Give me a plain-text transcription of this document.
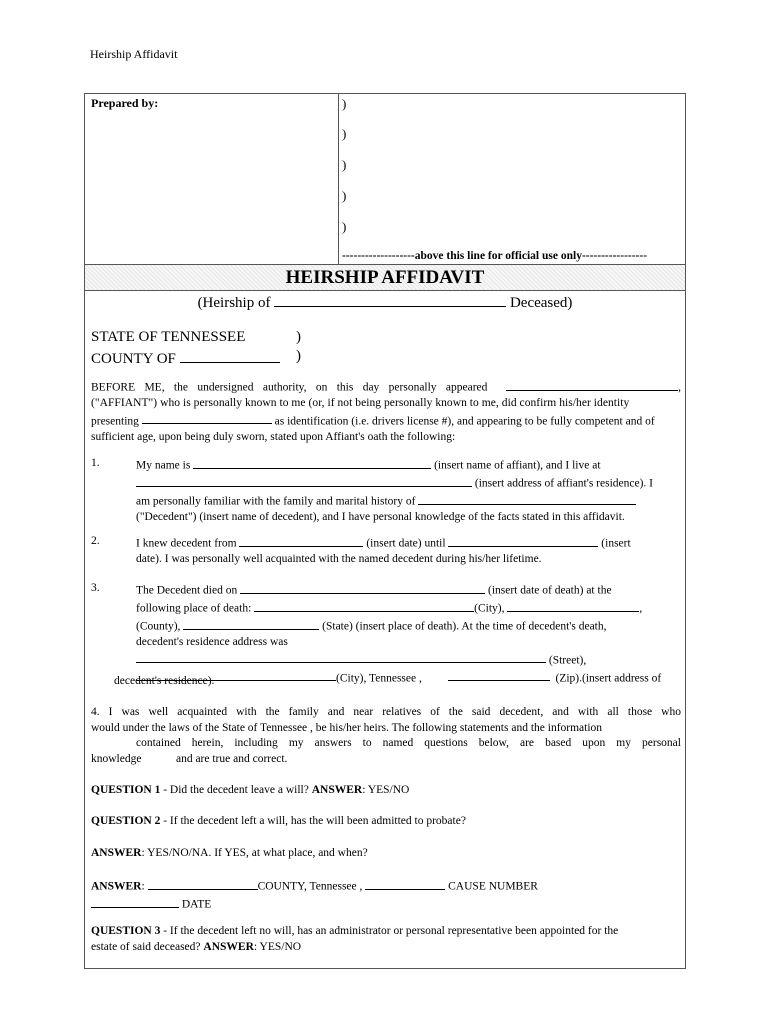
Heirship Affidavit
Prepared by:	)
)
)
)
)
-------------------above this line for official use only-----------------
HEIRSHIP AFFIDAVIT
(Heirship of	Deceased)
STATE OF TENNESSEE
COUNTY OF
)
)
BEFORE ME, the undersigned authority, on this day personally appeared	,
("AFFIANT") who is personally known to me (or, if not being personally known to me, did confirm his/her identity
presenting	as identification (i.e. drivers license #), and appearing to be fully competent and of
sufficient age, upon being duly sworn, stated upon Affiant's oath the following:
1.	My name is	(insert name of affiant), and I live at
(insert address of affiant's residence). I
am personally familiar with the family and marital history of
("Decedent") (insert name of decedent), and I have personal knowledge of the facts stated in this affidavit.
2.	I knew decedent from	(insert date) until	(insert
date). I was personally well acquainted with the named decedent during his/her lifetime.
3.	The Decedent died on	(insert date of death) at the
following place of death:	(City),	,
(County),	(State) (insert place of death). At the time of decedent's death,
decedent's residence address was
(Street),
(City), Tennessee ,	(Zip).(insert address of
decedent's residence).
4. I was well acquainted with the family and near relatives of the said decedent, and with all those who
would under the laws of the State of Tennessee , be his/her heirs. The following statements and the information
contained herein, including my answers to named questions below, are based upon my personal
knowledge	and are true and correct.
QUESTION 1 - Did the decedent leave a will? ANSWER: YES/NO
QUESTION 2 - If the decedent left a will, has the will been admitted to probate?
ANSWER: YES/NO/NA. If YES, at what place, and when?
ANSWER:	COUNTY, Tennessee ,	CAUSE NUMBER
DATE
QUESTION 3 - If the decedent left no will, has an administrator or personal representative been appointed for the
estate of said deceased? ANSWER: YES/NO
